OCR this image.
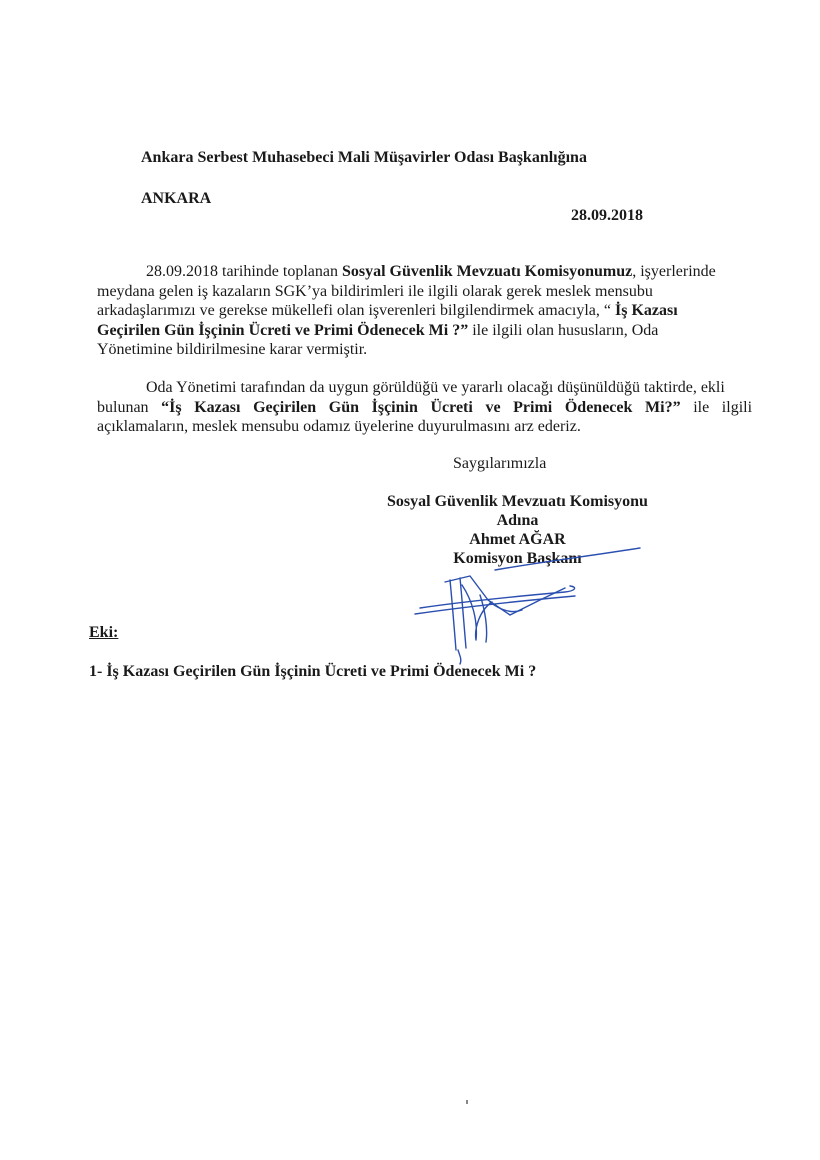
Ankara Serbest Muhasebeci Mali Müşavirler Odası Başkanlığına
ANKARA
28.09.2018
28.09.2018 tarihinde toplanan Sosyal Güvenlik Mevzuatı Komisyonumuz, işyerlerinde
meydana gelen iş kazaların SGK’ya bildirimleri ile ilgili olarak gerek meslek mensubu
arkadaşlarımızı ve gerekse mükellefi olan işverenleri bilgilendirmek amacıyla, “ İş Kazası
Geçirilen Gün İşçinin Ücreti ve Primi Ödenecek Mi ?” ile ilgili olan hususların, Oda
Yönetimine bildirilmesine karar vermiştir.
Oda Yönetimi tarafından da uygun görüldüğü ve yararlı olacağı düşünüldüğü taktirde, ekli
bulunan “İş Kazası Geçirilen Gün İşçinin Ücreti ve Primi Ödenecek Mi?” ile ilgili
açıklamaların, meslek mensubu odamız üyelerine duyurulmasını arz ederiz.
Saygılarımızla
Sosyal Güvenlik Mevzuatı Komisyonu
Adına
Ahmet AĞAR
Komisyon Başkanı
Eki:
1- İş Kazası Geçirilen Gün İşçinin Ücreti ve Primi Ödenecek Mi ?
